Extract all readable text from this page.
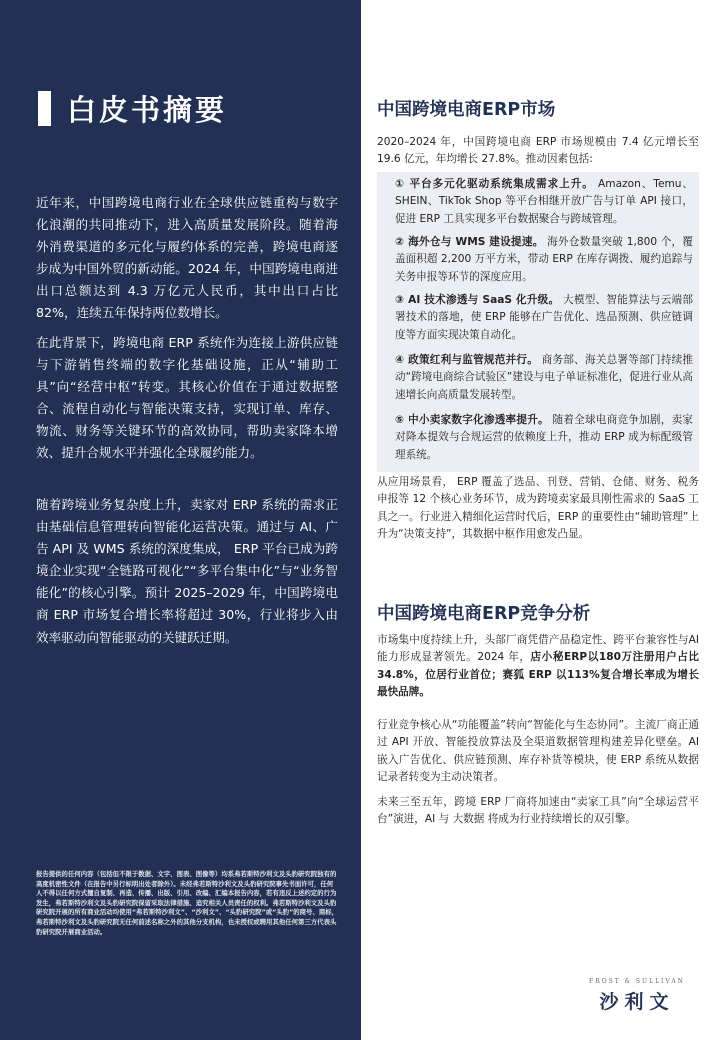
白皮书摘要

近年来，中国跨境电商行业在全球供应链重构与数字化浪潮的共同推动下，进入高质量发展阶段。随着海外消费渠道的多元化与履约体系的完善，跨境电商逐步成为中国外贸的新动能。2024 年，中国跨境电商进出口总额达到 4.3 万亿元人民币，其中出口占比 82%，连续五年保持两位数增长。

在此背景下，跨境电商 ERP 系统作为连接上游供应链与下游销售终端的数字化基础设施，正从“辅助工具”向“经营中枢”转变。其核心价值在于通过数据整合、流程自动化与智能决策支持，实现订单、库存、物流、财务等关键环节的高效协同，帮助卖家降本增效、提升合规水平并强化全球履约能力。

随着跨境业务复杂度上升，卖家对 ERP 系统的需求正由基础信息管理转向智能化运营决策。通过与 AI、广告 API 及 WMS 系统的深度集成， ERP 平台已成为跨境企业实现“全链路可视化”“多平台集中化”与“业务智能化”的核心引擎。预计 2025–2029 年，中国跨境电商 ERP 市场复合增长率将超过 30%，行业将步入由效率驱动向智能驱动的关键跃迁期。

报告提供的任何内容（包括但不限于数据、文字、图表、图像等）均系弗若斯特沙利文及头豹研究院独有的高度机密性文件（在报告中另行标明出处者除外）。未经弗若斯特沙利文及头豹研究院事先书面许可，任何人不得以任何方式擅自复制、再造、传播、出版、引用、改编、汇编本报告内容，若有违反上述约定的行为发生，弗若斯特沙利文及头豹研究院保留采取法律措施、追究相关人员责任的权利。弗若斯特沙利文及头豹研究院开展的所有商业活动均使用“弗若斯特沙利文”、“沙利文”、“头豹研究院”或“头豹”的商号、商标，弗若斯特沙利文及头豹研究院无任何前述名称之外的其他分支机构，也未授权或聘用其他任何第三方代表头豹研究院开展商业活动。

中国跨境电商ERP市场

2020–2024 年，中国跨境电商 ERP 市场规模由 7.4 亿元增长至 19.6 亿元，年均增长 27.8%。推动因素包括:

① 平台多元化驱动系统集成需求上升。 Amazon、Temu、SHEIN、TikTok Shop 等平台相继开放广告与订单 API 接口，促进 ERP 工具实现多平台数据聚合与跨域管理。

② 海外仓与 WMS 建设提速。 海外仓数量突破 1,800 个，覆盖面积超 2,200 万平方米，带动 ERP 在库存调拨、履约追踪与关务申报等环节的深度应用。

③ AI 技术渗透与 SaaS 化升级。 大模型、智能算法与云端部署技术的落地，使 ERP 能够在广告优化、选品预测、供应链调度等方面实现决策自动化。

④ 政策红利与监管规范并行。 商务部、海关总署等部门持续推动“跨境电商综合试验区”建设与电子单证标准化，促进行业从高速增长向高质量发展转型。

⑤ 中小卖家数字化渗透率提升。 随着全球电商竞争加剧，卖家对降本提效与合规运营的依赖度上升，推动 ERP 成为标配级管理系统。

从应用场景看， ERP 覆盖了选品、刊登、营销、仓储、财务、税务申报等 12 个核心业务环节，成为跨境卖家最具刚性需求的 SaaS 工具之一。行业进入精细化运营时代后，ERP 的重要性由“辅助管理”上升为“决策支持”，其数据中枢作用愈发凸显。

中国跨境电商ERP竞争分析

市场集中度持续上升，头部厂商凭借产品稳定性、跨平台兼容性与AI能力形成显著领先。2024 年，店小秘ERP以180万注册用户占比 34.8%，位居行业首位；赛狐 ERP 以113%复合增长率成为增长最快品牌。

行业竞争核心从“功能覆盖”转向“智能化与生态协同”。主流厂商正通过 API 开放、智能投放算法及全渠道数据管理构建差异化壁垒。AI 嵌入广告优化、供应链预测、库存补货等模块，使 ERP 系统从数据记录者转变为主动决策者。

未来三至五年，跨境 ERP 厂商将加速由“卖家工具”向“全球运营平台”演进，AI 与 大数据 将成为行业持续增长的双引擎。

FROST & SULLIVAN
沙利文
